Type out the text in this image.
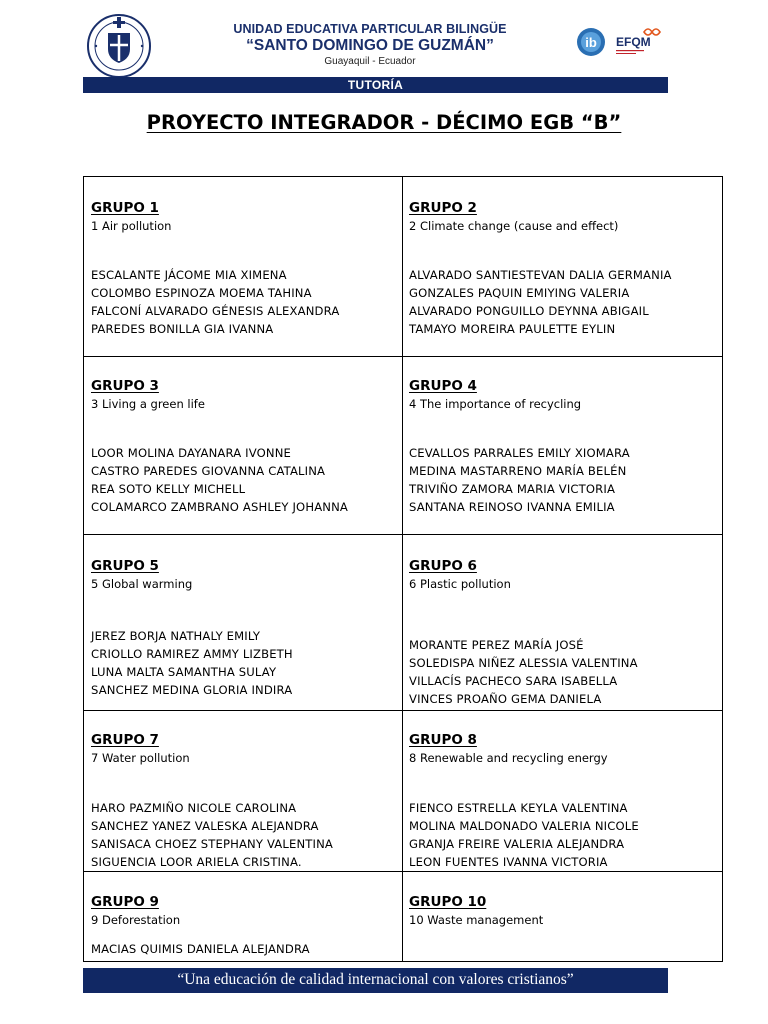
UNIDAD EDUCATIVA PARTICULAR BILINGÜE
“SANTO DOMINGO DE GUZMÁN”
Guayaquil - Ecuador
ib EFQM
TUTORÍA
PROYECTO INTEGRADOR - DÉCIMO EGB “B”
GRUPO 1
1 Air pollution
ESCALANTE JÁCOME MIA XIMENA
COLOMBO ESPINOZA MOEMA TAHINA
FALCONÍ ALVARADO GÉNESIS ALEXANDRA
PAREDES BONILLA GIA IVANNA
GRUPO 2
2 Climate change (cause and effect)
ALVARADO SANTIESTEVAN DALIA GERMANIA
GONZALES PAQUIN EMIYING VALERIA
ALVARADO PONGUILLO DEYNNA ABIGAIL
TAMAYO MOREIRA PAULETTE EYLIN
GRUPO 3
3 Living a green life
LOOR MOLINA DAYANARA IVONNE
CASTRO PAREDES GIOVANNA CATALINA
REA SOTO KELLY MICHELL
COLAMARCO ZAMBRANO ASHLEY JOHANNA
GRUPO 4
4 The importance of recycling
CEVALLOS PARRALES EMILY XIOMARA
MEDINA MASTARRENO MARÍA BELÉN
TRIVIÑO ZAMORA MARIA VICTORIA
SANTANA REINOSO IVANNA EMILIA
GRUPO 5
5 Global warming
JEREZ BORJA NATHALY EMILY
CRIOLLO RAMIREZ AMMY LIZBETH
LUNA MALTA SAMANTHA SULAY
SANCHEZ MEDINA GLORIA INDIRA
GRUPO 6
6 Plastic pollution
MORANTE PEREZ MARÍA JOSÉ
SOLEDISPA NIÑEZ ALESSIA VALENTINA
VILLACÍS PACHECO SARA ISABELLA
VINCES PROAÑO GEMA DANIELA
GRUPO 7
7 Water pollution
HARO PAZMIÑO NICOLE CAROLINA
SANCHEZ YANEZ VALESKA ALEJANDRA
SANISACA CHOEZ STEPHANY VALENTINA
SIGUENCIA LOOR ARIELA CRISTINA.
GRUPO 8
8 Renewable and recycling energy
FIENCO ESTRELLA KEYLA VALENTINA
MOLINA MALDONADO VALERIA NICOLE
GRANJA FREIRE VALERIA ALEJANDRA
LEON FUENTES IVANNA VICTORIA
GRUPO 9
9 Deforestation
MACIAS QUIMIS DANIELA ALEJANDRA
GRUPO 10
10 Waste management
“Una educación de calidad internacional con valores cristianos”
